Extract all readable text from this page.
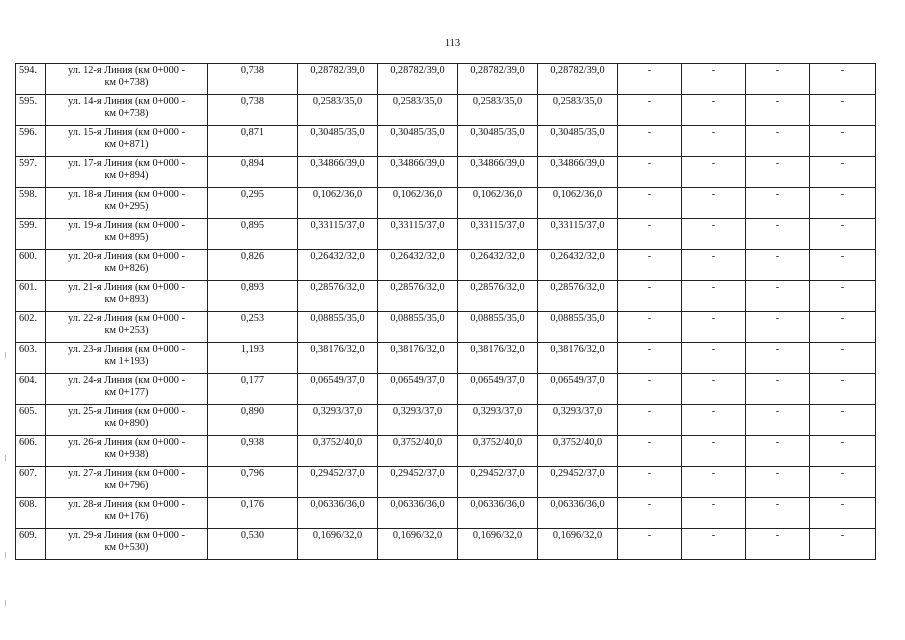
113
594.	ул. 12-я Линия (км 0+000 -
км 0+738)	0,738	0,28782/39,0	0,28782/39,0	0,28782/39,0	0,28782/39,0	-	-	-	-
595.	ул. 14-я Линия (км 0+000 -
км 0+738)	0,738	0,2583/35,0	0,2583/35,0	0,2583/35,0	0,2583/35,0	-	-	-	-
596.	ул. 15-я Линия (км 0+000 -
км 0+871)	0,871	0,30485/35,0	0,30485/35,0	0,30485/35,0	0,30485/35,0	-	-	-	-
597.	ул. 17-я Линия (км 0+000 -
км 0+894)	0,894	0,34866/39,0	0,34866/39,0	0,34866/39,0	0,34866/39,0	-	-	-	-
598.	ул. 18-я Линия (км 0+000 -
км 0+295)	0,295	0,1062/36,0	0,1062/36,0	0,1062/36,0	0,1062/36,0	-	-	-	-
599.	ул. 19-я Линия (км 0+000 -
км 0+895)	0,895	0,33115/37,0	0,33115/37,0	0,33115/37,0	0,33115/37,0	-	-	-	-
600.	ул. 20-я Линия (км 0+000 -
км 0+826)	0,826	0,26432/32,0	0,26432/32,0	0,26432/32,0	0,26432/32,0	-	-	-	-
601.	ул. 21-я Линия (км 0+000 -
км 0+893)	0,893	0,28576/32,0	0,28576/32,0	0,28576/32,0	0,28576/32,0	-	-	-	-
602.	ул. 22-я Линия (км 0+000 -
км 0+253)	0,253	0,08855/35,0	0,08855/35,0	0,08855/35,0	0,08855/35,0	-	-	-	-
603.	ул. 23-я Линия (км 0+000 -
км 1+193)	1,193	0,38176/32,0	0,38176/32,0	0,38176/32,0	0,38176/32,0	-	-	-	-
604.	ул. 24-я Линия (км 0+000 -
км 0+177)	0,177	0,06549/37,0	0,06549/37,0	0,06549/37,0	0,06549/37,0	-	-	-	-
605.	ул. 25-я Линия (км 0+000 -
км 0+890)	0,890	0,3293/37,0	0,3293/37,0	0,3293/37,0	0,3293/37,0	-	-	-	-
606.	ул. 26-я Линия (км 0+000 -
км 0+938)	0,938	0,3752/40,0	0,3752/40,0	0,3752/40,0	0,3752/40,0	-	-	-	-
607.	ул. 27-я Линия (км 0+000 -
км 0+796)	0,796	0,29452/37,0	0,29452/37,0	0,29452/37,0	0,29452/37,0	-	-	-	-
608.	ул. 28-я Линия (км 0+000 -
км 0+176)	0,176	0,06336/36,0	0,06336/36,0	0,06336/36,0	0,06336/36,0	-	-	-	-
609.	ул. 29-я Линия (км 0+000 -
км 0+530)	0,530	0,1696/32,0	0,1696/32,0	0,1696/32,0	0,1696/32,0	-	-	-	-
